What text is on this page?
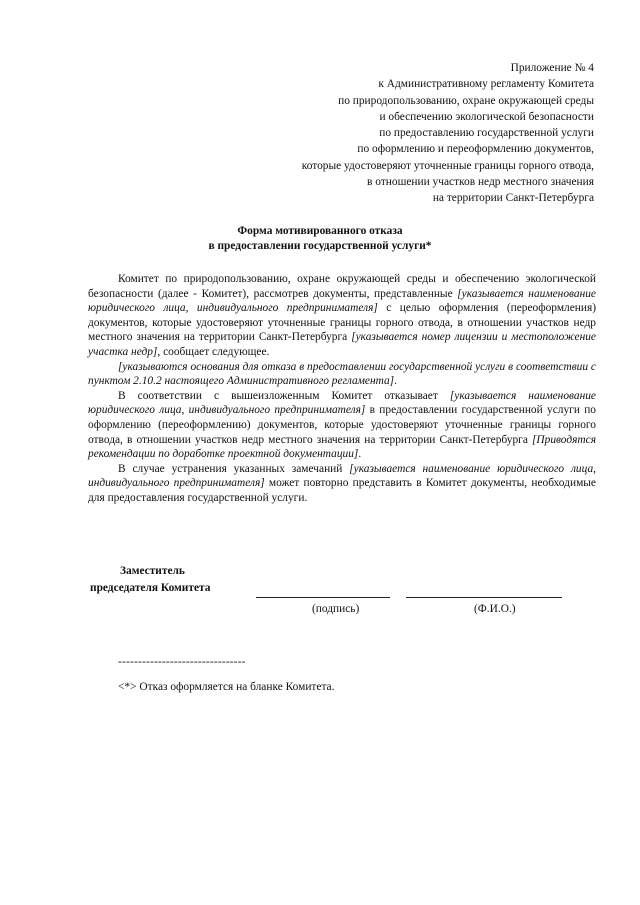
Приложение № 4
к Административному регламенту Комитета
по природопользованию, охране окружающей среды
и обеспечению экологической безопасности
по предоставлению государственной услуги
по оформлению и переоформлению документов,
которые удостоверяют уточненные границы горного отвода,
в отношении участков недр местного значения
на территории Санкт-Петербурга
Форма мотивированного отказа
в предоставлении государственной услуги*

Комитет по природопользованию, охране окружающей среды и обеспечению экологической безопасности (далее - Комитет), рассмотрев документы, представленные [указывается наименование юридического лица, индивидуального предпринимателя] с целью оформления (переоформления) документов, которые удостоверяют уточненные границы горного отвода, в отношении участков недр местного значения на территории Санкт-Петербурга [указывается номер лицензии и местоположение участка недр], сообщает следующее.

[указываются основания для отказа в предоставлении государственной услуги в соответствии с пунктом 2.10.2 настоящего Административного регламента].

В соответствии с вышеизложенным Комитет отказывает [указывается наименование юридического лица, индивидуального предпринимателя] в предоставлении государственной услуги по оформлению (переоформлению) документов, которые удостоверяют уточненные границы горного отвода, в отношении участков недр местного значения на территории Санкт-Петербурга [Приводятся рекомендации по доработке проектной документации].

В случае устранения указанных замечаний [указывается наименование юридического лица, индивидуального предпринимателя] может повторно представить в Комитет документы, необходимые для предоставления государственной услуги.

Заместитель
председателя Комитета
(подпись)	(Ф.И.О.)
--------------------------------
<*> Отказ оформляется на бланке Комитета.
